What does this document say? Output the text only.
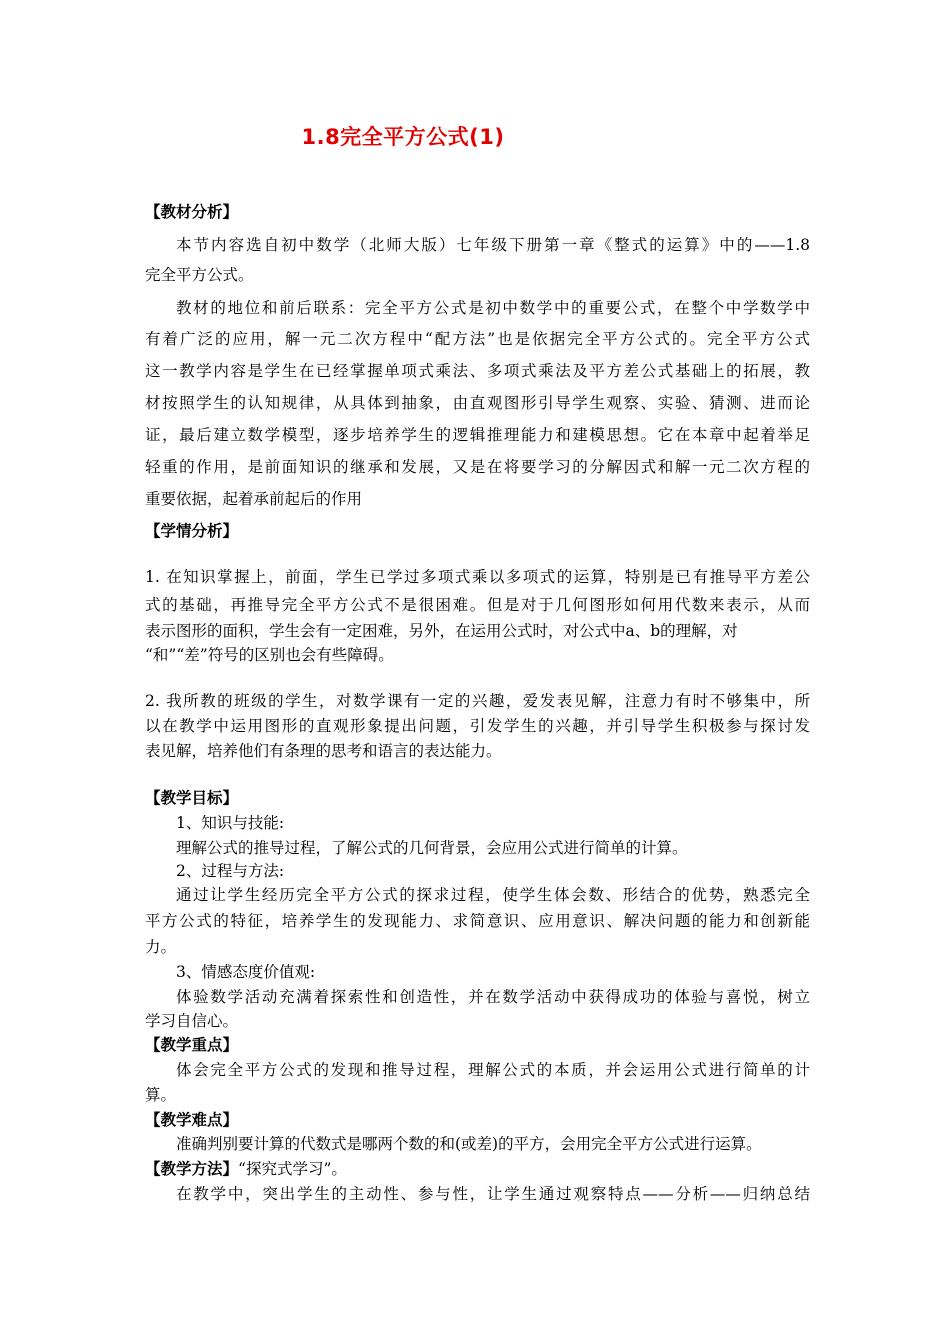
1.8完全平方公式(1)
【教材分析】
本节内容选自初中数学（北师大版）七年级下册第一章《整式的运算》中的——1.8
完全平方公式。
教材的地位和前后联系：完全平方公式是初中数学中的重要公式，在整个中学数学中
有着广泛的应用，解一元二次方程中“配方法”也是依据完全平方公式的。完全平方公式
这一教学内容是学生在已经掌握单项式乘法、多项式乘法及平方差公式基础上的拓展，教
材按照学生的认知规律，从具体到抽象，由直观图形引导学生观察、实验、猜测、进而论
证，最后建立数学模型，逐步培养学生的逻辑推理能力和建模思想。它在本章中起着举足
轻重的作用，是前面知识的继承和发展，又是在将要学习的分解因式和解一元二次方程的
重要依据，起着承前起后的作用
【学情分析】
1. 在知识掌握上，前面，学生已学过多项式乘以多项式的运算，特别是已有推导平方差公
式的基础，再推导完全平方公式不是很困难。但是对于几何图形如何用代数来表示，从而
表示图形的面积，学生会有一定困难，另外，在运用公式时，对公式中a、b的理解，对
“和”“差”符号的区别也会有些障碍。
2. 我所教的班级的学生，对数学课有一定的兴趣，爱发表见解，注意力有时不够集中，所
以在教学中运用图形的直观形象提出问题，引发学生的兴趣，并引导学生积极参与探讨发
表见解，培养他们有条理的思考和语言的表达能力。
【教学目标】
1、知识与技能:
理解公式的推导过程，了解公式的几何背景，会应用公式进行简单的计算。
2、过程与方法:
通过让学生经历完全平方公式的探求过程，使学生体会数、形结合的优势，熟悉完全
平方公式的特征，培养学生的发现能力、求简意识、应用意识、解决问题的能力和创新能
力。
3、情感态度价值观:
体验数学活动充满着探索性和创造性，并在数学活动中获得成功的体验与喜悦，树立
学习自信心。
【教学重点】
体会完全平方公式的发现和推导过程，理解公式的本质，并会运用公式进行简单的计
算。
【教学难点】
准确判别要计算的代数式是哪两个数的和(或差)的平方，会用完全平方公式进行运算。
【教学方法】“探究式学习”。
在教学中，突出学生的主动性、参与性，让学生通过观察特点——分析——归纳总结
